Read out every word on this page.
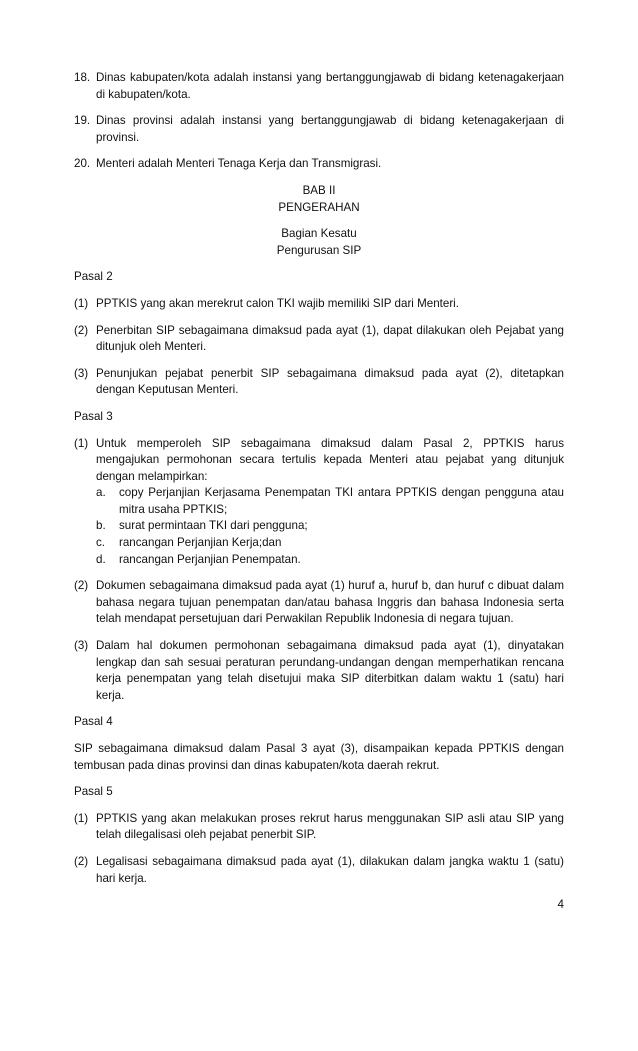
18. Dinas kabupaten/kota adalah instansi yang bertanggungjawab di bidang ketenagakerjaan di kabupaten/kota.
19. Dinas provinsi adalah instansi yang bertanggungjawab di bidang ketenagakerjaan di provinsi.
20. Menteri adalah Menteri Tenaga Kerja dan Transmigrasi.
BAB II
PENGERAHAN
Bagian Kesatu
Pengurusan SIP
Pasal 2
(1) PPTKIS yang akan merekrut calon TKI wajib memiliki SIP dari Menteri.
(2) Penerbitan SIP sebagaimana dimaksud pada ayat (1), dapat dilakukan oleh Pejabat yang ditunjuk oleh Menteri.
(3) Penunjukan pejabat penerbit SIP sebagaimana dimaksud pada ayat (2), ditetapkan dengan Keputusan Menteri.
Pasal 3
(1) Untuk memperoleh SIP sebagaimana dimaksud dalam Pasal 2, PPTKIS harus mengajukan permohonan secara tertulis kepada Menteri atau pejabat yang ditunjuk dengan melampirkan:
a. copy Perjanjian Kerjasama Penempatan TKI antara PPTKIS dengan pengguna atau mitra usaha PPTKIS;
b. surat permintaan TKI dari pengguna;
c. rancangan Perjanjian Kerja;dan
d. rancangan Perjanjian Penempatan.
(2) Dokumen sebagaimana dimaksud pada ayat (1) huruf a, huruf b, dan huruf c dibuat dalam bahasa negara tujuan penempatan dan/atau bahasa Inggris dan bahasa Indonesia serta telah mendapat persetujuan dari Perwakilan Republik Indonesia di negara tujuan.
(3) Dalam hal dokumen permohonan sebagaimana dimaksud pada ayat (1), dinyatakan lengkap dan sah sesuai peraturan perundang-undangan dengan memperhatikan rencana kerja penempatan yang telah disetujui maka SIP diterbitkan dalam waktu 1 (satu) hari kerja.
Pasal 4
SIP sebagaimana dimaksud dalam Pasal 3 ayat (3), disampaikan kepada PPTKIS dengan tembusan pada dinas provinsi dan dinas kabupaten/kota daerah rekrut.
Pasal 5
(1) PPTKIS yang akan melakukan proses rekrut harus menggunakan SIP asli atau SIP yang telah dilegalisasi oleh pejabat penerbit SIP.
(2) Legalisasi sebagaimana dimaksud pada ayat (1), dilakukan dalam jangka waktu 1 (satu) hari kerja.
4
